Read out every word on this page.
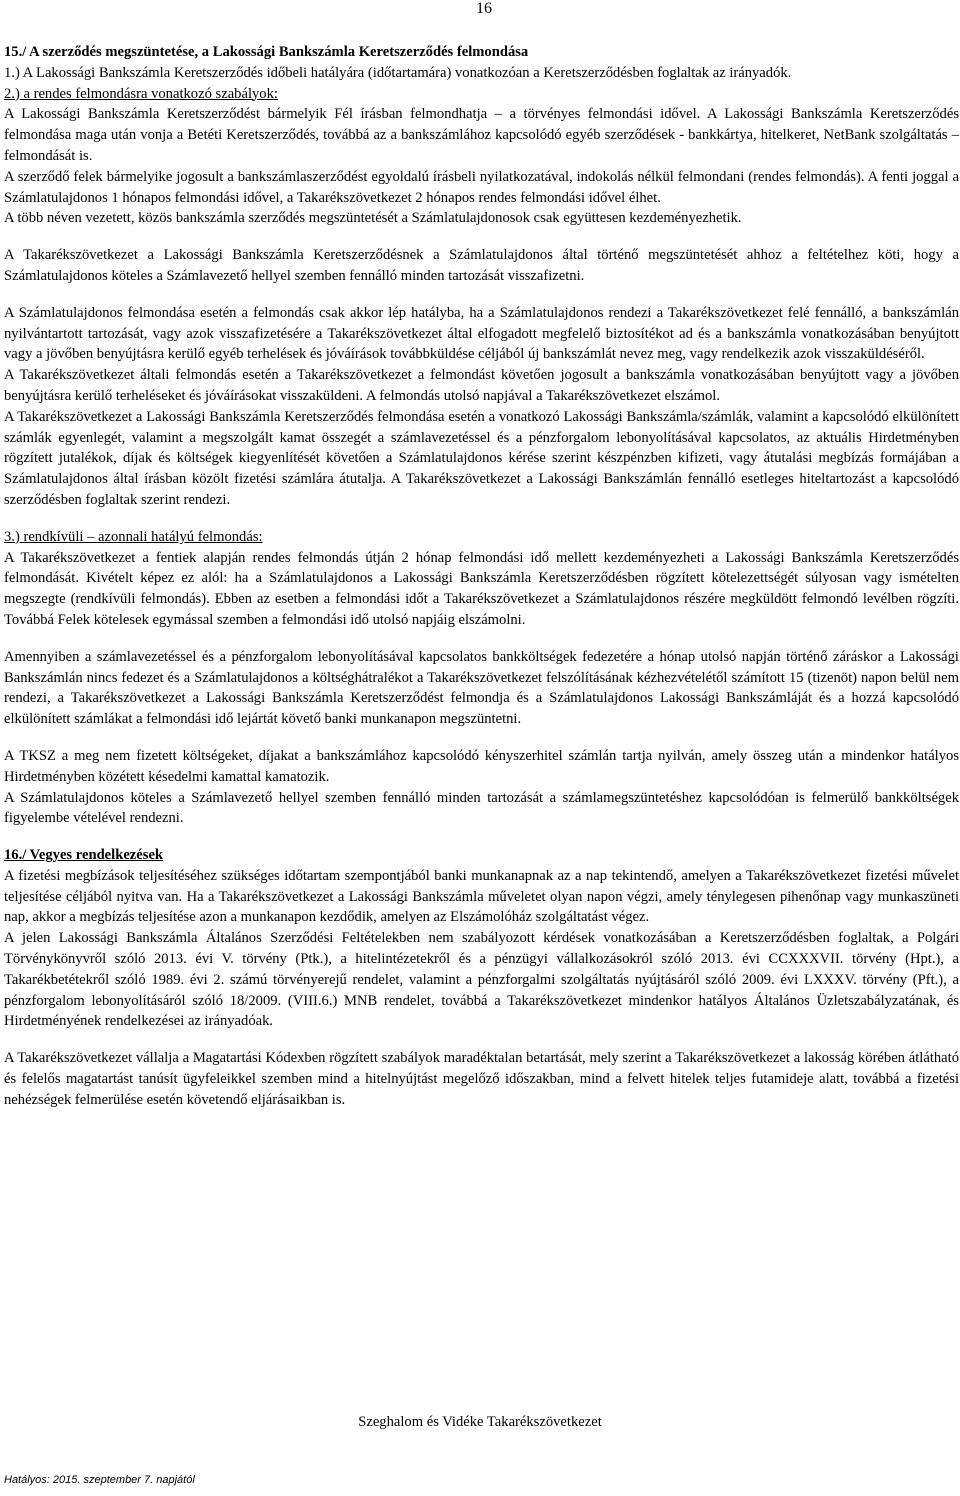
16

15./ A szerződés megszüntetése, a Lakossági Bankszámla Keretszerződés felmondása

1.) A Lakossági Bankszámla Keretszerződés időbeli hatályára (időtartamára) vonatkozóan a Keretszerződésben foglaltak az irányadók.

2.) a rendes felmondásra vonatkozó szabályok:

A Lakossági Bankszámla Keretszerződést bármelyik Fél írásban felmondhatja – a törvényes felmondási idővel. A Lakossági Bankszámla Keretszerződés felmondása maga után vonja a Betéti Keretszerződés, továbbá az a bankszámlához kapcsolódó egyéb szerződések - bankkártya, hitelkeret, NetBank szolgáltatás – felmondását is.

A szerződő felek bármelyike jogosult a bankszámlaszerződést egyoldalú írásbeli nyilatkozatával, indokolás nélkül felmondani (rendes felmondás). A fenti joggal a Számlatulajdonos 1 hónapos felmondási idővel, a Takarékszövetkezet 2 hónapos rendes felmondási idővel élhet.

A több néven vezetett, közös bankszámla szerződés megszüntetését a Számlatulajdonosok csak együttesen kezdeményezhetik.

A Takarékszövetkezet a Lakossági Bankszámla Keretszerződésnek a Számlatulajdonos által történő megszüntetését ahhoz a feltételhez köti, hogy a Számlatulajdonos köteles a Számlavezető hellyel szemben fennálló minden tartozását visszafizetni.

A Számlatulajdonos felmondása esetén a felmondás csak akkor lép hatályba, ha a Számlatulajdonos rendezi a Takarékszövetkezet felé fennálló, a bankszámlán nyilvántartott tartozását, vagy azok visszafizetésére a Takarékszövetkezet által elfogadott megfelelő biztosítékot ad és a bankszámla vonatkozásában benyújtott vagy a jövőben benyújtásra kerülő egyéb terhelések és jóváírások továbbküldése céljából új bankszámlát nevez meg, vagy rendelkezik azok visszaküldéséről.

A Takarékszövetkezet általi felmondás esetén a Takarékszövetkezet a felmondást követően jogosult a bankszámla vonatkozásában benyújtott vagy a jövőben benyújtásra kerülő terheléseket és jóváírásokat visszaküldeni. A felmondás utolsó napjával a Takarékszövetkezet elszámol.

A Takarékszövetkezet a Lakossági Bankszámla Keretszerződés felmondása esetén a vonatkozó Lakossági Bankszámla/számlák, valamint a kapcsolódó elkülönített számlák egyenlegét, valamint a megszolgált kamat összegét a számlavezetéssel és a pénzforgalom lebonyolításával kapcsolatos, az aktuális Hirdetményben rögzített jutalékok, díjak és költségek kiegyenlítését követően a Számlatulajdonos kérése szerint készpénzben kifizeti, vagy átutalási megbízás formájában a Számlatulajdonos által írásban közölt fizetési számlára átutalja. A Takarékszövetkezet a Lakossági Bankszámlán fennálló esetleges hiteltartozást a kapcsolódó szerződésben foglaltak szerint rendezi.

3.) rendkívüli – azonnali hatályú felmondás:

A Takarékszövetkezet a fentiek alapján rendes felmondás útján 2 hónap felmondási idő mellett kezdeményezheti a Lakossági Bankszámla Keretszerződés felmondását. Kivételt képez ez alól: ha a Számlatulajdonos a Lakossági Bankszámla Keretszerződésben rögzített kötelezettségét súlyosan vagy ismételten megszegte (rendkívüli felmondás). Ebben az esetben a felmondási időt a Takarékszövetkezet a Számlatulajdonos részére megküldött felmondó levélben rögzíti. Továbbá Felek kötelesek egymással szemben a felmondási idő utolsó napjáig elszámolni.

Amennyiben a számlavezetéssel és a pénzforgalom lebonyolításával kapcsolatos bankköltségek fedezetére a hónap utolsó napján történő záráskor a Lakossági Bankszámlán nincs fedezet és a Számlatulajdonos a költséghátralékot a Takarékszövetkezet felszólításának kézhezvételétől számított 15 (tizenöt) napon belül nem rendezi, a Takarékszövetkezet a Lakossági Bankszámla Keretszerződést felmondja és a Számlatulajdonos Lakossági Bankszámláját és a hozzá kapcsolódó elkülönített számlákat a felmondási idő lejártát követő banki munkanapon megszüntetni.

A TKSZ a meg nem fizetett költségeket, díjakat a bankszámlához kapcsolódó kényszerhitel számlán tartja nyilván, amely összeg után a mindenkor hatályos Hirdetményben közétett késedelmi kamattal kamatozik.

A Számlatulajdonos köteles a Számlavezető hellyel szemben fennálló minden tartozását a számlamegszüntetéshez kapcsolódóan is felmerülő bankköltségek figyelembe vételével rendezni.

16./ Vegyes rendelkezések

A fizetési megbízások teljesítéséhez szükséges időtartam szempontjából banki munkanapnak az a nap tekintendő, amelyen a Takarékszövetkezet fizetési művelet teljesítése céljából nyitva van. Ha a Takarékszövetkezet a Lakossági Bankszámla műveletet olyan napon végzi, amely ténylegesen pihenőnap vagy munkaszüneti nap, akkor a megbízás teljesítése azon a munkanapon kezdődik, amelyen az Elszámolóház szolgáltatást végez.

A jelen Lakossági Bankszámla Általános Szerződési Feltételekben nem szabályozott kérdések vonatkozásában a Keretszerződésben foglaltak, a Polgári Törvénykönyvről szóló 2013. évi V. törvény (Ptk.), a hitelintézetekről és a pénzügyi vállalkozásokról szóló 2013. évi CCXXXVII. törvény (Hpt.), a Takarékbetétekről szóló 1989. évi 2. számú törvényerejű rendelet, valamint a pénzforgalmi szolgáltatás nyújtásáról szóló 2009. évi LXXXV. törvény (Pft.), a pénzforgalom lebonyolításáról szóló 18/2009. (VIII.6.) MNB rendelet, továbbá a Takarékszövetkezet mindenkor hatályos Általános Üzletszabályzatának, és Hirdetményének rendelkezései az irányadóak.

A Takarékszövetkezet vállalja a Magatartási Kódexben rögzített szabályok maradéktalan betartását, mely szerint a Takarékszövetkezet a lakosság körében átlátható és felelős magatartást tanúsít ügyfeleikkel szemben mind a hitelnyújtást megelőző időszakban, mind a felvett hitelek teljes futamideje alatt, továbbá a fizetési nehézségek felmerülése esetén követendő eljárásaikban is.

Szeghalom és Vidéke Takarékszövetkezet
Hatályos: 2015. szeptember 7. napjától
